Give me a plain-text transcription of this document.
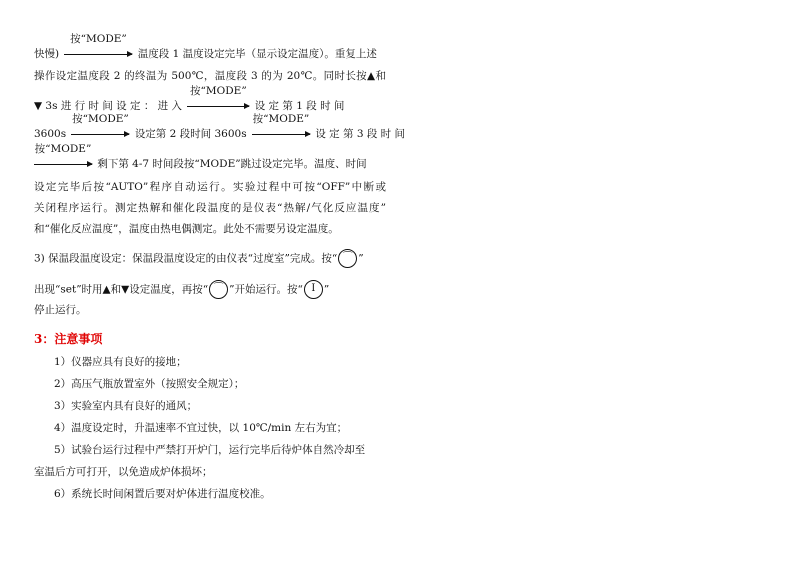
快慢)
按“MODE”
温度段 1 温度设定完毕（显示设定温度）。重复上述
操作设定温度段 2 的终温为 500℃，温度段 3 的为 20℃。同时长按▲和
▼ 3s 进 行 时 间 设 定 ： 进 入
按“MODE”
设 定 第 1 段 时 间
3600s
按“MODE”
设定第 2 段时间 3600s
按“MODE”
设 定 第 3 段 时 间
按“MODE”
剩下第 4-7 时间段按“MODE”跳过设定完毕。温度、时间
设定完毕后按“AUTO”程序自动运行。实验过程中可按“OFF”中断或
关闭程序运行。测定热解和催化段温度的是仪表“热解/气化反应温度”
和“催化反应温度”，温度由热电偶测定。此处不需要另设定温度。
3) 保温段温度设定：保温段温度设定的由仪表“过度室”完成。按“ ⌒ ”
出现“set”时用▲和▼设定温度，再按“ ⌒ ”开始运行。按“ I ”
停止运行。
3：注意事项
1）仪器应具有良好的接地；
2）高压气瓶放置室外（按照安全规定）；
3）实验室内具有良好的通风；
4）温度设定时，升温速率不宜过快，以 10℃/min 左右为宜；
5）试验台运行过程中严禁打开炉门，运行完毕后待炉体自然冷却至
室温后方可打开，以免造成炉体损坏；
6）系统长时间闲置后要对炉体进行温度校准。
